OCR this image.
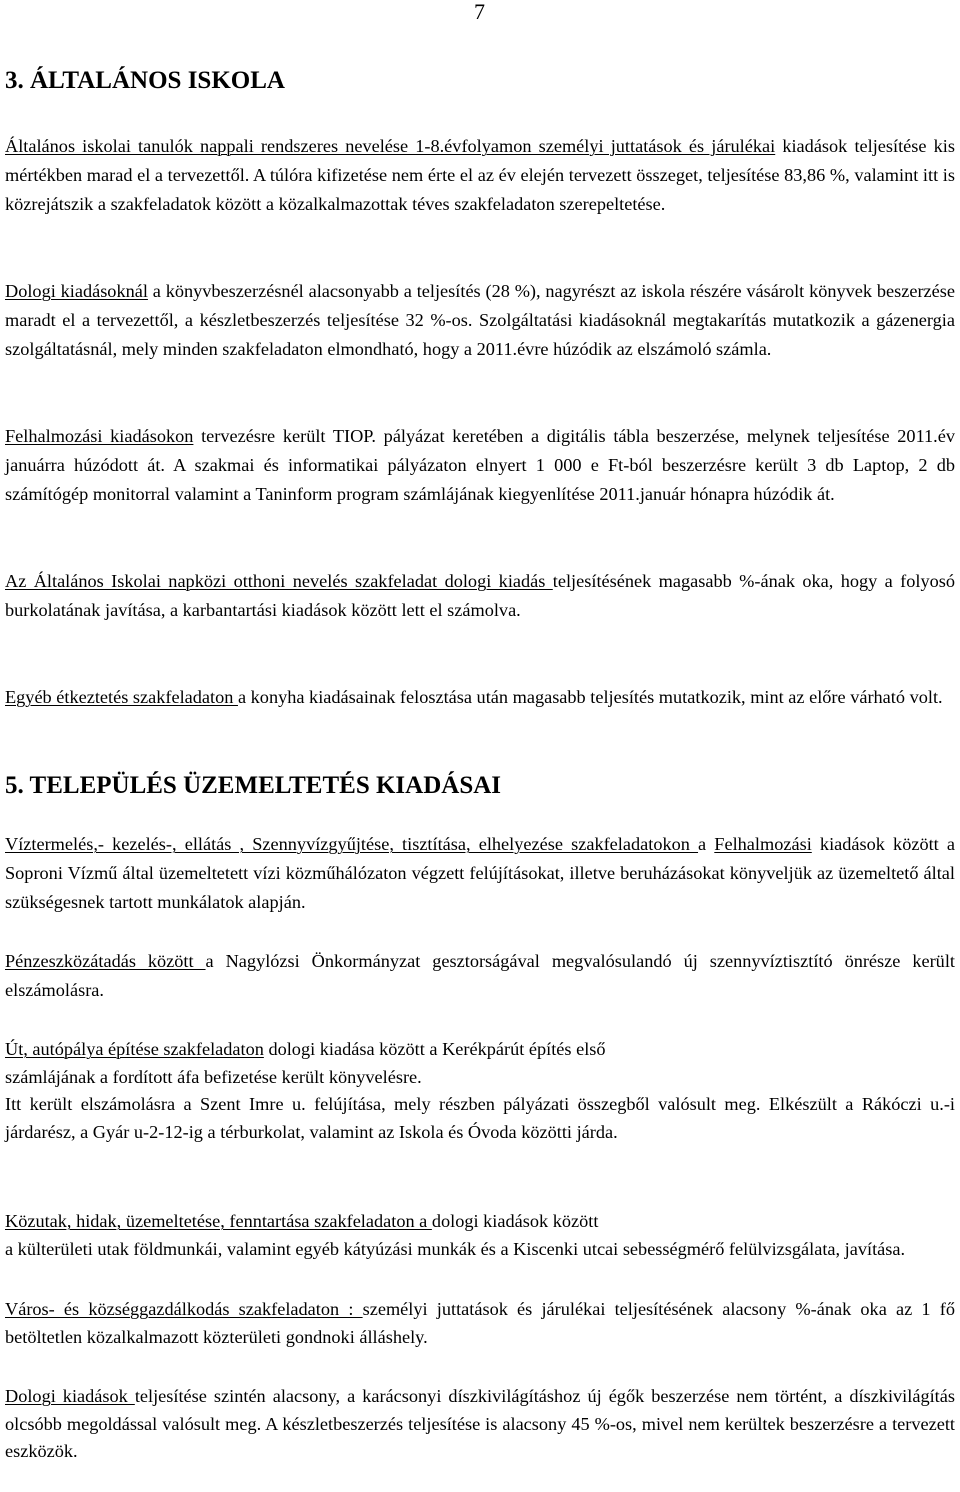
7
3. ÁLTALÁNOS ISKOLA

Általános iskolai tanulók nappali rendszeres nevelése 1-8.évfolyamon személyi juttatások és járulékai kiadások teljesítése kis mértékben marad el a tervezettől. A túlóra kifizetése nem érte el az év elején tervezett összeget, teljesítése 83,86 %, valamint itt is közrejátszik a szakfeladatok között a közalkalmazottak téves szakfeladaton szerepeltetése.

Dologi kiadásoknál a könyvbeszerzésnél alacsonyabb a teljesítés (28 %), nagyrészt az iskola részére vásárolt könyvek beszerzése maradt el a tervezettől, a készletbeszerzés teljesítése 32 %-os. Szolgáltatási kiadásoknál megtakarítás mutatkozik a gázenergia szolgáltatásnál, mely minden szakfeladaton elmondható, hogy a 2011.évre húzódik az elszámoló számla.

Felhalmozási kiadásokon tervezésre került TIOP. pályázat keretében a digitális tábla beszerzése, melynek teljesítése 2011.év januárra húzódott át. A szakmai és informatikai pályázaton elnyert 1 000 e Ft-ból beszerzésre került 3 db Laptop, 2 db számítógép monitorral valamint a Taninform program számlájának kiegyenlítése 2011.január hónapra húzódik át.

Az Általános Iskolai napközi otthoni nevelés szakfeladat dologi kiadás teljesítésének magasabb %-ának oka, hogy a folyosó burkolatának javítása, a karbantartási kiadások között lett el számolva.

Egyéb étkeztetés szakfeladaton a konyha kiadásainak felosztása után magasabb teljesítés mutatkozik, mint az előre várható volt.

5. TELEPÜLÉS ÜZEMELTETÉS KIADÁSAI

Víztermelés,- kezelés-, ellátás , Szennyvízgyűjtése, tisztítása, elhelyezése szakfeladatokon a Felhalmozási kiadások között a Soproni Vízmű által üzemeltetett vízi közműhálózaton végzett felújításokat, illetve beruházásokat könyveljük az üzemeltető által szükségesnek tartott munkálatok alapján.

Pénzeszközátadás között a Nagylózsi Önkormányzat gesztorságával megvalósulandó új szennyvíztisztító önrésze került elszámolásra.

Út, autópálya építése szakfeladaton dologi kiadása között a Kerékpárút építés első
számlájának a fordított áfa befizetése került könyvelésre.
Itt került elszámolásra a Szent Imre u. felújítása, mely részben pályázati összegből valósult meg. Elkészült a Rákóczi u.-i járdarész, a Gyár u-2-12-ig a térburkolat, valamint az Iskola és Óvoda közötti járda.
Közutak, hidak, üzemeltetése, fenntartása szakfeladaton a dologi kiadások között
a külterületi utak földmunkái, valamint egyéb kátyúzási munkák és a Kiscenki utcai sebességmérő felülvizsgálata, javítása.

Város- és községgazdálkodás szakfeladaton : személyi juttatások és járulékai teljesítésének alacsony %-ának oka az 1 fő betöltetlen közalkalmazott közterületi gondnoki álláshely.

Dologi kiadások teljesítése szintén alacsony, a karácsonyi díszkivilágításhoz új égők beszerzése nem történt, a díszkivilágítás olcsóbb megoldással valósult meg. A készletbeszerzés teljesítése is alacsony 45 %-os, mivel nem kerültek beszerzésre a tervezett eszközök.
